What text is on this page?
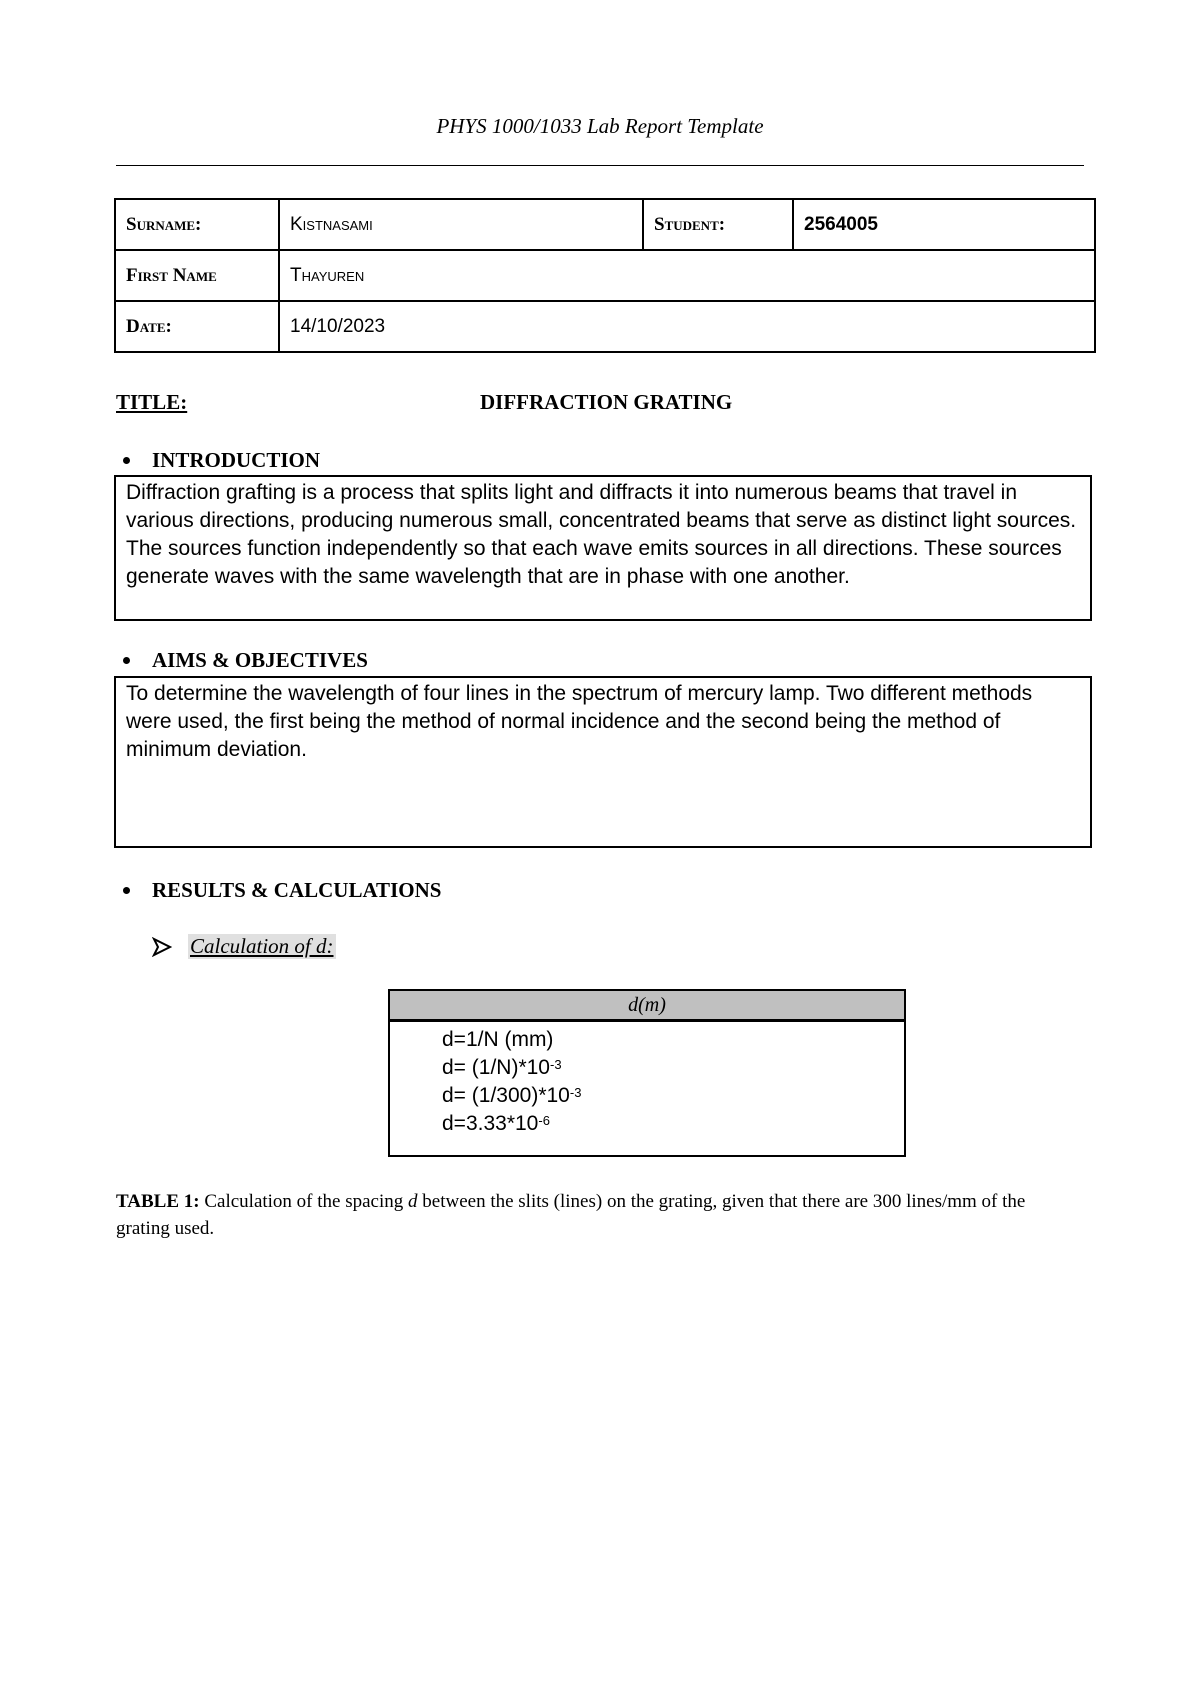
PHYS 1000/1033 Lab Report Template
Surname:	Kistnasami	Student:	2564005
First Name	Thayuren		
Date:	14/10/2023		
TITLE:	DIFFRACTION GRATING
INTRODUCTION
Diffraction grafting is a process that splits light and diffracts it into numerous beams that travel in various directions, producing numerous small, concentrated beams that serve as distinct light sources. The sources function independently so that each wave emits sources in all directions. These sources generate waves with the same wavelength that are in phase with one another.
AIMS & OBJECTIVES
To determine the wavelength of four lines in the spectrum of mercury lamp. Two different methods were used, the first being the method of normal incidence and the second being the method of minimum deviation.
RESULTS & CALCULATIONS
Calculation of d:
d(m)
d=1/N (mm)
$d= (1/N)*10^{-3}$
$d= (1/300)*10^{-3}$
$d=3.33*10^{-6}$
TABLE 1: Calculation of the spacing d between the slits (lines) on the grating, given that there are 300 lines/mm of the grating used.
